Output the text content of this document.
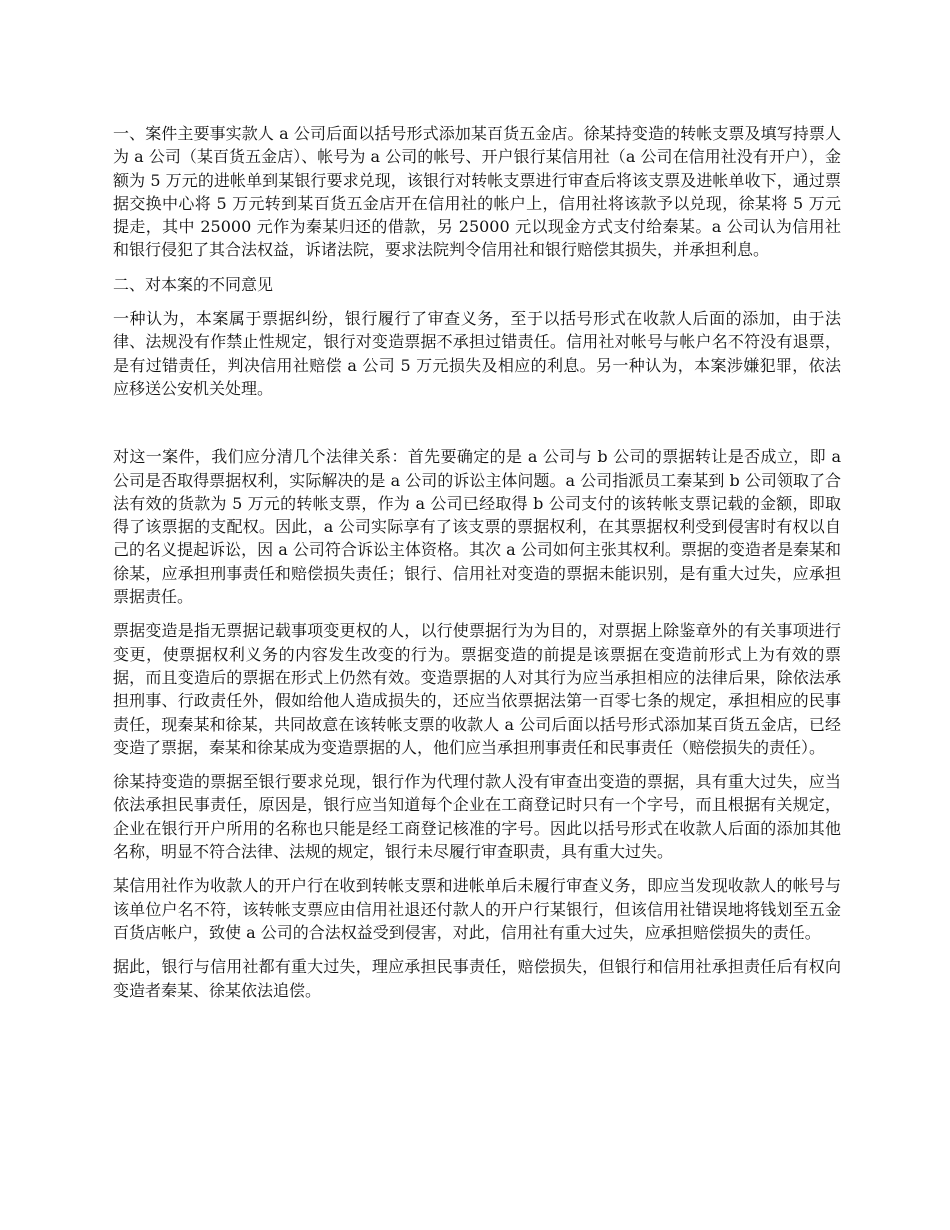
一、案件主要事实款人 a 公司后面以括号形式添加某百货五金店。徐某持变造的转帐支票及填写持票人为 a 公司（某百货五金店）、帐号为 a 公司的帐号、开户银行某信用社（a 公司在信用社没有开户），金额为 5 万元的进帐单到某银行要求兑现，该银行对转帐支票进行审查后将该支票及进帐单收下，通过票据交换中心将 5 万元转到某百货五金店开在信用社的帐户上，信用社将该款予以兑现，徐某将 5 万元提走，其中 25000 元作为秦某归还的借款，另 25000 元以现金方式支付给秦某。a 公司认为信用社和银行侵犯了其合法权益，诉诸法院，要求法院判令信用社和银行赔偿其损失，并承担利息。

二、对本案的不同意见

一种认为，本案属于票据纠纷，银行履行了审查义务，至于以括号形式在收款人后面的添加，由于法律、法规没有作禁止性规定，银行对变造票据不承担过错责任。信用社对帐号与帐户名不符没有退票，是有过错责任，判决信用社赔偿 a 公司 5 万元损失及相应的利息。另一种认为，本案涉嫌犯罪，依法应移送公安机关处理。

对这一案件，我们应分清几个法律关系：首先要确定的是 a 公司与 b 公司的票据转让是否成立，即 a 公司是否取得票据权利，实际解决的是 a 公司的诉讼主体问题。a 公司指派员工秦某到 b 公司领取了合法有效的货款为 5 万元的转帐支票，作为 a 公司已经取得 b 公司支付的该转帐支票记载的金额，即取得了该票据的支配权。因此，a 公司实际享有了该支票的票据权利，在其票据权利受到侵害时有权以自己的名义提起诉讼，因 a 公司符合诉讼主体资格。其次 a 公司如何主张其权利。票据的变造者是秦某和徐某，应承担刑事责任和赔偿损失责任；银行、信用社对变造的票据未能识别，是有重大过失，应承担票据责任。

票据变造是指无票据记载事项变更权的人，以行使票据行为为目的，对票据上除鉴章外的有关事项进行变更，使票据权利义务的内容发生改变的行为。票据变造的前提是该票据在变造前形式上为有效的票据，而且变造后的票据在形式上仍然有效。变造票据的人对其行为应当承担相应的法律后果，除依法承担刑事、行政责任外，假如给他人造成损失的，还应当依票据法第一百零七条的规定，承担相应的民事责任，现秦某和徐某，共同故意在该转帐支票的收款人 a 公司后面以括号形式添加某百货五金店，已经变造了票据，秦某和徐某成为变造票据的人，他们应当承担刑事责任和民事责任（赔偿损失的责任）。

徐某持变造的票据至银行要求兑现，银行作为代理付款人没有审查出变造的票据，具有重大过失，应当依法承担民事责任，原因是，银行应当知道每个企业在工商登记时只有一个字号，而且根据有关规定，企业在银行开户所用的名称也只能是经工商登记核准的字号。因此以括号形式在收款人后面的添加其他名称，明显不符合法律、法规的规定，银行未尽履行审查职责，具有重大过失。

某信用社作为收款人的开户行在收到转帐支票和进帐单后未履行审查义务，即应当发现收款人的帐号与该单位户名不符，该转帐支票应由信用社退还付款人的开户行某银行，但该信用社错误地将钱划至五金百货店帐户，致使 a 公司的合法权益受到侵害，对此，信用社有重大过失，应承担赔偿损失的责任。

据此，银行与信用社都有重大过失，理应承担民事责任，赔偿损失，但银行和信用社承担责任后有权向变造者秦某、徐某依法追偿。
